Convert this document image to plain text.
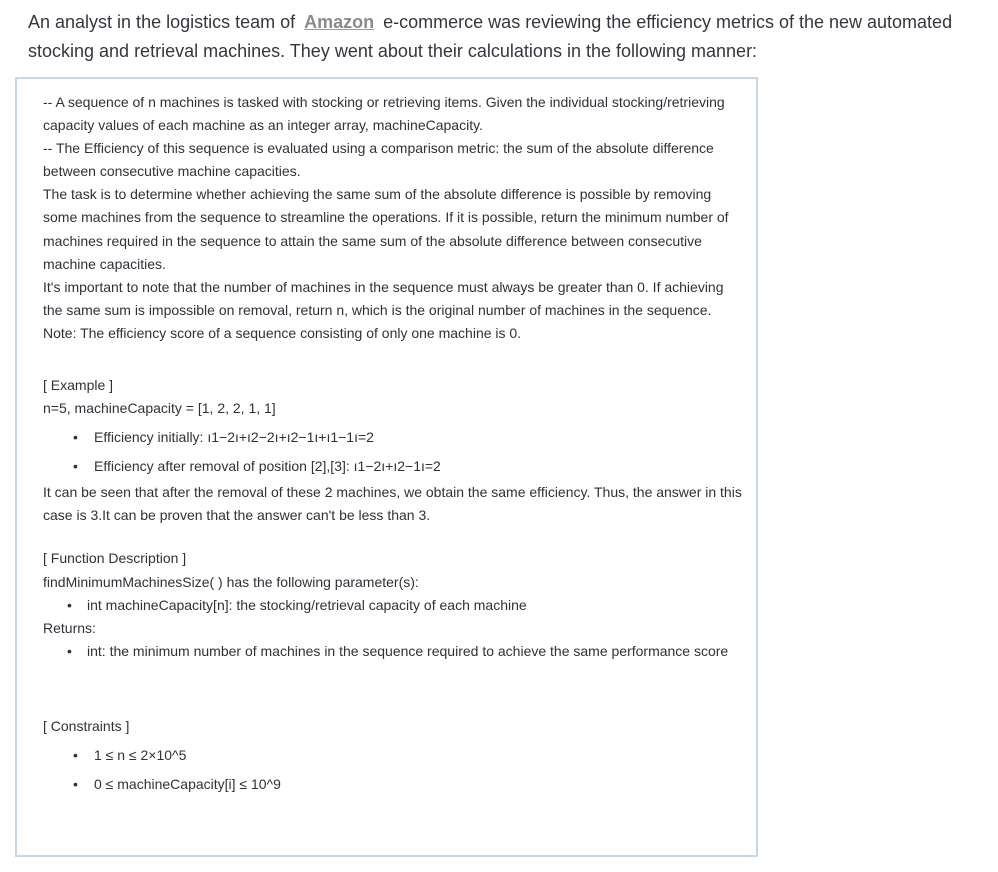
An analyst in the logistics team of Amazon e-commerce was reviewing the efficiency metrics of the new automated stocking and retrieval machines. They went about their calculations in the following manner:

-- A sequence of n machines is tasked with stocking or retrieving items. Given the individual stocking/retrieving capacity values of each machine as an integer array, machineCapacity.

-- The Efficiency of this sequence is evaluated using a comparison metric: the sum of the absolute difference between consecutive machine capacities.

The task is to determine whether achieving the same sum of the absolute difference is possible by removing some machines from the sequence to streamline the operations. If it is possible, return the minimum number of machines required in the sequence to attain the same sum of the absolute difference between consecutive machine capacities.

It's important to note that the number of machines in the sequence must always be greater than 0. If achieving the same sum is impossible on removal, return n, which is the original number of machines in the sequence.

Note: The efficiency score of a sequence consisting of only one machine is 0.

[ Example ]

n=5, machineCapacity = [1, 2, 2, 1, 1]

• Efficiency initially: ı1−2ı+ı2−2ı+ı2−1ı+ı1−1ı=2
• Efficiency after removal of position [2],[3]: ı1−2ı+ı2−1ı=2

It can be seen that after the removal of these 2 machines, we obtain the same efficiency. Thus, the answer in this case is 3.It can be proven that the answer can't be less than 3.

[ Function Description ]

findMinimumMachinesSize( ) has the following parameter(s):

• int machineCapacity[n]: the stocking/retrieval capacity of each machine

Returns:

• int: the minimum number of machines in the sequence required to achieve the same performance score

[ Constraints ]

• 1 ≤ n ≤ 2×10^5
• 0 ≤ machineCapacity[i] ≤ 10^9
